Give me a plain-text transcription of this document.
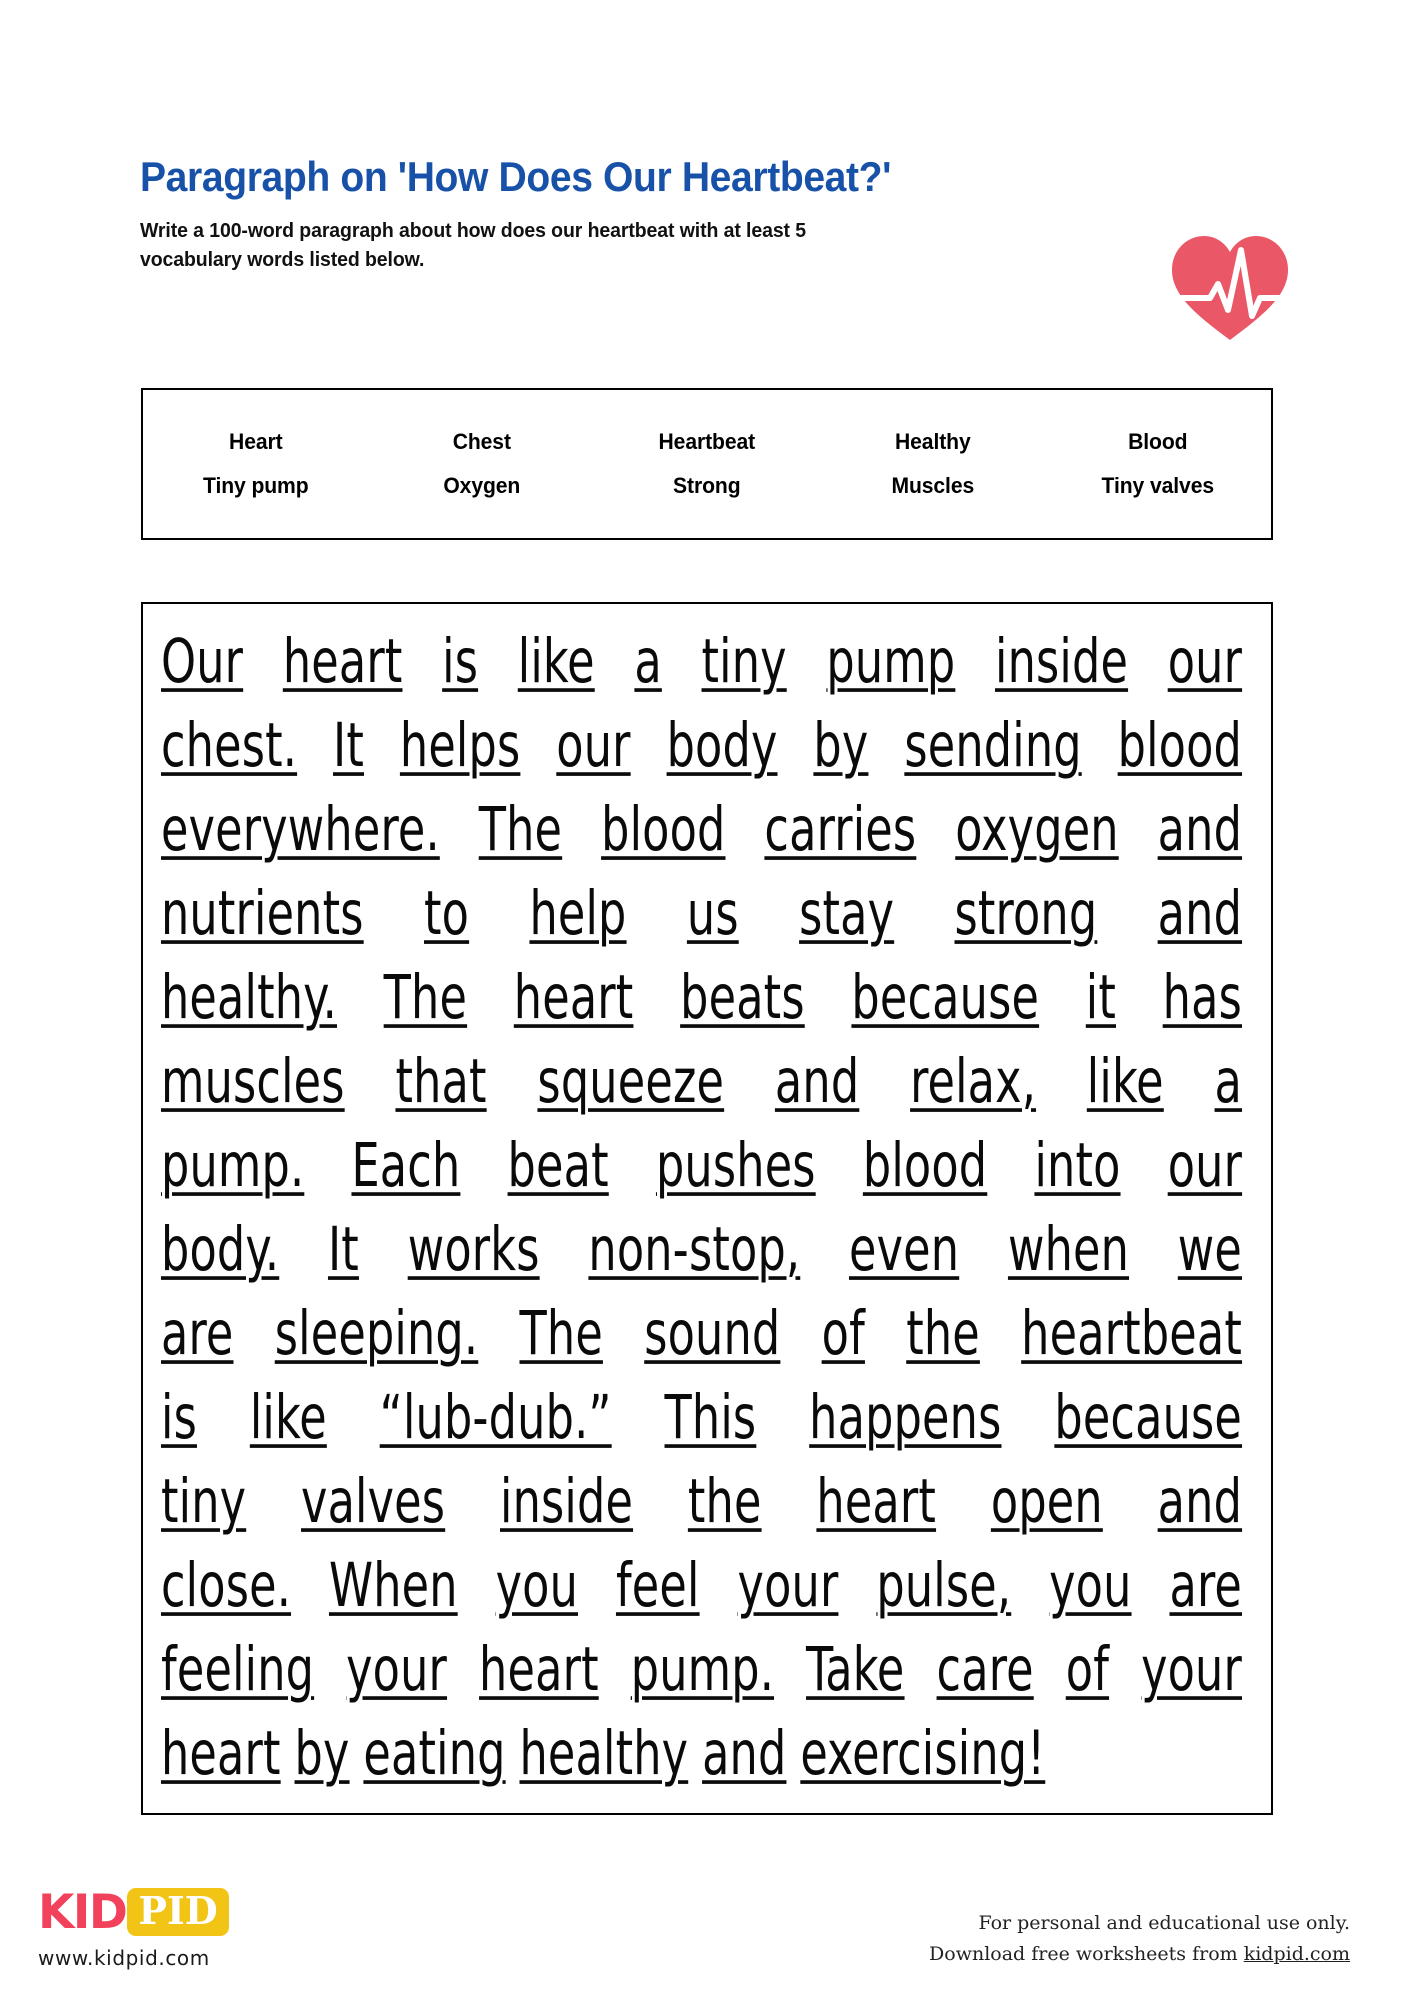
Paragraph on 'How Does Our Heartbeat?'
Write a 100-word paragraph about how does our heartbeat with at least 5
vocabulary words listed below.
Heart	Chest	Heartbeat	Healthy	Blood
Tiny pump	Oxygen	Strong	Muscles	Tiny valves
Our heart is like a tiny pump inside our
chest. It helps our body by sending blood
everywhere. The blood carries oxygen and
nutrients to help us stay strong and
healthy. The heart beats because it has
muscles that squeeze and relax, like a
pump. Each beat pushes blood into our
body. It works non-stop, even when we
are sleeping. The sound of the heartbeat
is like “lub-dub.” This happens because
tiny valves inside the heart open and
close. When you feel your pulse, you are
feeling your heart pump. Take care of your
heart by eating healthy and exercising!
KID PID
www.kidpid.com
For personal and educational use only.
Download free worksheets from kidpid.com
